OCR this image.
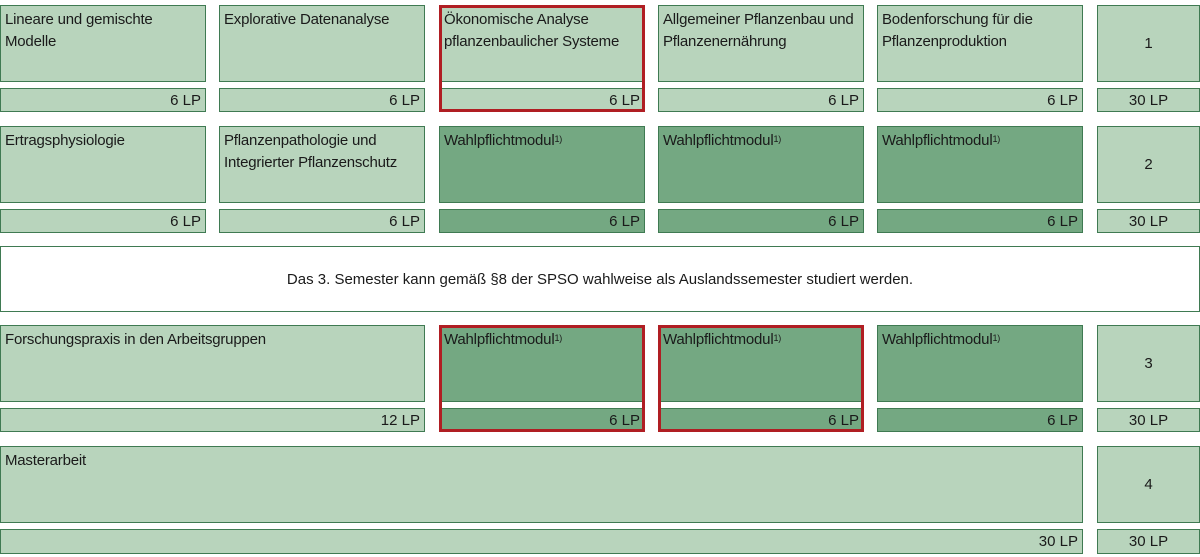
Lineare und gemischte Modelle
6 LP
Explorative Datenanalyse
6 LP
Ökonomische Analyse pflanzenbaulicher Systeme
6 LP
Allgemeiner Pflanzenbau und Pflanzenernährung
6 LP
Bodenforschung für die Pflanzenproduktion
6 LP
1
30 LP
Ertragsphysiologie
6 LP
Pflanzenpathologie und Integrierter Pflanzenschutz
6 LP
Wahlpflichtmodul$^{1)}$
6 LP
Wahlpflichtmodul$^{1)}$
6 LP
Wahlpflichtmodul$^{1)}$
6 LP
2
30 LP
Forschungspraxis in den Arbeitsgruppen
12 LP
Wahlpflichtmodul$^{1)}$
6 LP
Wahlpflichtmodul$^{1)}$
6 LP
Wahlpflichtmodul$^{1)}$
6 LP
3
30 LP
Masterarbeit
30 LP
4
30 LP
Das 3. Semester kann gemäß §8 der SPSO wahlweise als Auslandssemester studiert werden.
